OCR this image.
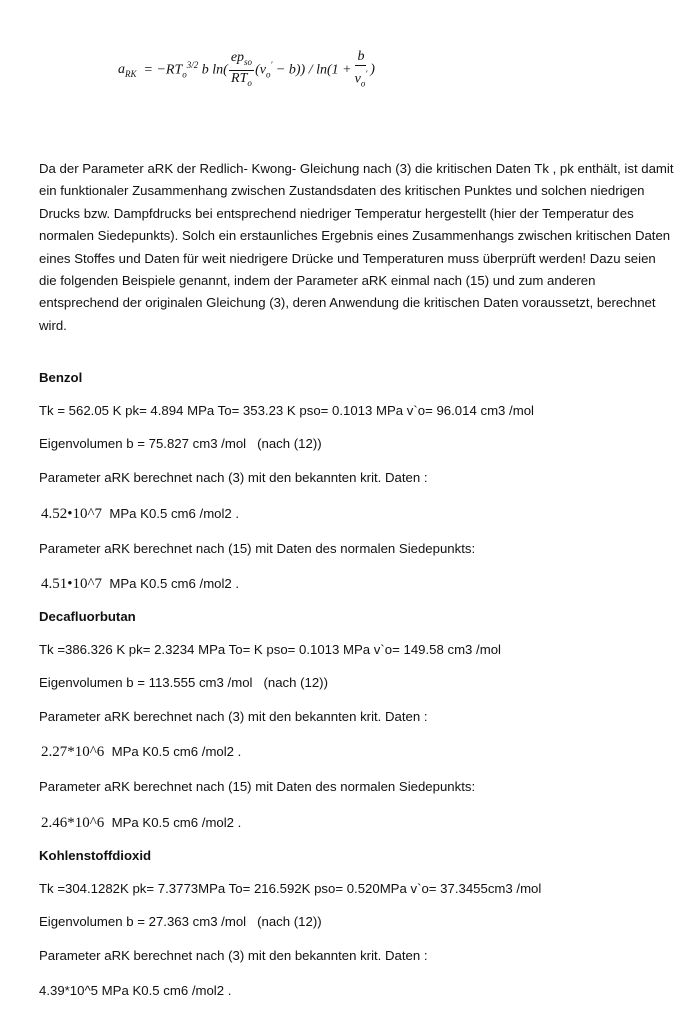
$a_{RK} = -RT_o^{3/2}$ b $\ln( \frac{ep_{so}}{RT_o} (v_o' - b)) / \ln(1 + \frac{b}{v_o'}$ )

Da der Parameter aRK der Redlich- Kwong- Gleichung nach (3) die kritischen Daten Tk , pk enthält, ist damit ein funktionaler Zusammenhang zwischen Zustandsdaten des kritischen Punktes und solchen niedrigen Drucks bzw. Dampfdrucks bei entsprechend niedriger Temperatur hergestellt (hier der Temperatur des normalen Siedepunkts). Solch ein erstaunliches Ergebnis eines Zusammenhangs zwischen kritischen Daten eines Stoffes und Daten für weit niedrigere Drücke und Temperaturen muss überprüft werden! Dazu seien die folgenden Beispiele genannt, indem der Parameter aRK einmal nach (15) und zum anderen entsprechend der originalen Gleichung (3), deren Anwendung die kritischen Daten voraussetzt, berechnet wird.

Benzol
Tk = 562.05 K pk= 4.894 MPa To= 353.23 K pso= 0.1013 MPa v`o= 96.014 cm3 /mol
Eigenvolumen b = 75.827 cm3 /mol (nach (12))
Parameter aRK berechnet nach (3) mit den bekannten krit. Daten :
4.52•10^7 MPa K0.5 cm6 /mol2 .
Parameter aRK berechnet nach (15) mit Daten des normalen Siedepunkts:
4.51•10^7 MPa K0.5 cm6 /mol2 .
Decafluorbutan
Tk =386.326 K pk= 2.3234 MPa To= K pso= 0.1013 MPa v`o= 149.58 cm3 /mol
Eigenvolumen b = 113.555 cm3 /mol (nach (12))
Parameter aRK berechnet nach (3) mit den bekannten krit. Daten :
2.27*10^6 MPa K0.5 cm6 /mol2 .
Parameter aRK berechnet nach (15) mit Daten des normalen Siedepunkts:
2.46*10^6 MPa K0.5 cm6 /mol2 .
Kohlenstoffdioxid
Tk =304.1282K pk= 7.3773MPa To= 216.592K pso= 0.520MPa v`o= 37.3455cm3 /mol
Eigenvolumen b = 27.363 cm3 /mol (nach (12))
Parameter aRK berechnet nach (3) mit den bekannten krit. Daten :
4.39*10^5 MPa K0.5 cm6 /mol2 .
